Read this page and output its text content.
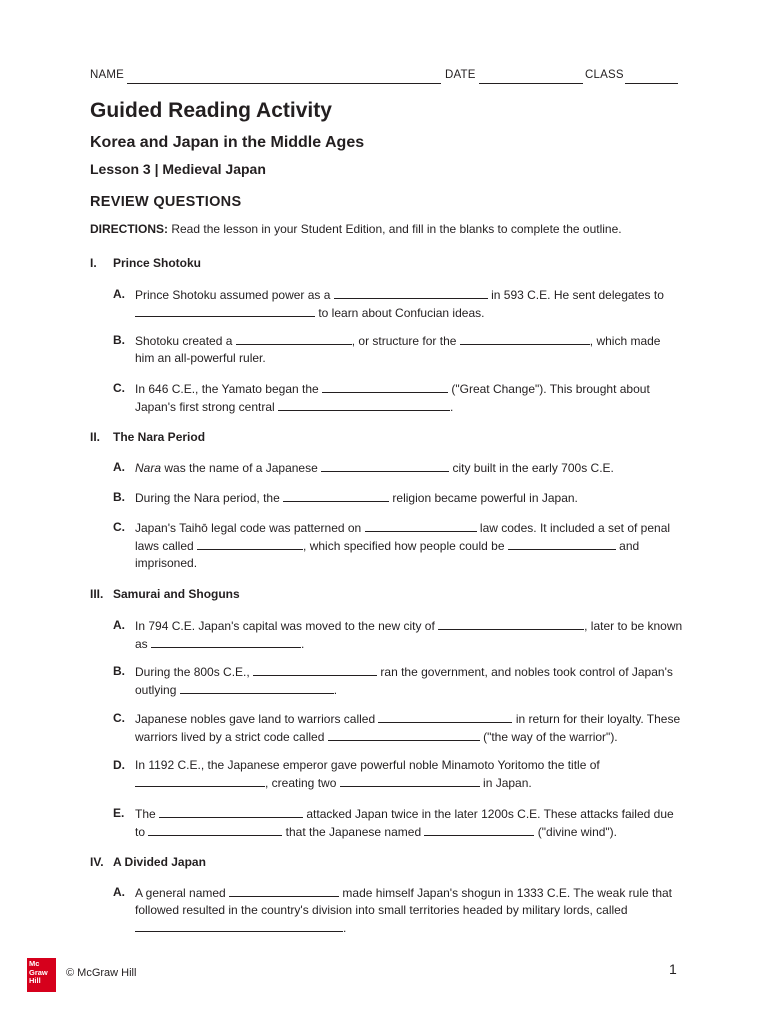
NAME	DATE	CLASS
Guided Reading Activity
Korea and Japan in the Middle Ages
Lesson 3 | Medieval Japan
REVIEW QUESTIONS
DIRECTIONS: Read the lesson in your Student Edition, and fill in the blanks to complete the outline.
I. Prince Shotoku
A. Prince Shotoku assumed power as a	in 593 C.E. He sent delegates to  to learn about Confucian ideas.
B. Shotoku created a	, or structure for the	, which made him an all-powerful ruler.
C. In 646 C.E., the Yamato began the	("Great Change"). This brought about Japan's first strong central	.
II. The Nara Period
A. Nara was the name of a Japanese	city built in the early 700s C.E.
B. During the Nara period, the	religion became powerful in Japan.
C. Japan's Taihō legal code was patterned on	law codes. It included a set of penal laws called	, which specified how people could be	and imprisoned.
III. Samurai and Shoguns
A. In 794 C.E. Japan's capital was moved to the new city of	, later to be known as	.
B. During the 800s C.E.,	ran the government, and nobles took control of Japan's outlying	.
C. Japanese nobles gave land to warriors called	in return for their loyalty. These warriors lived by a strict code called	("the way of the warrior").
D. In 1192 C.E., the Japanese emperor gave powerful noble Minamoto Yoritomo the title of , creating two	in Japan.
E. The	attacked Japan twice in the later 1200s C.E. These attacks failed due to	that the Japanese named	("divine wind").
IV. A Divided Japan
A. A general named	made himself Japan's shogun in 1333 C.E. The weak rule that followed resulted in the country's division into small territories headed by military lords, called .
Mc
Graw
Hill
© McGraw Hill	1
